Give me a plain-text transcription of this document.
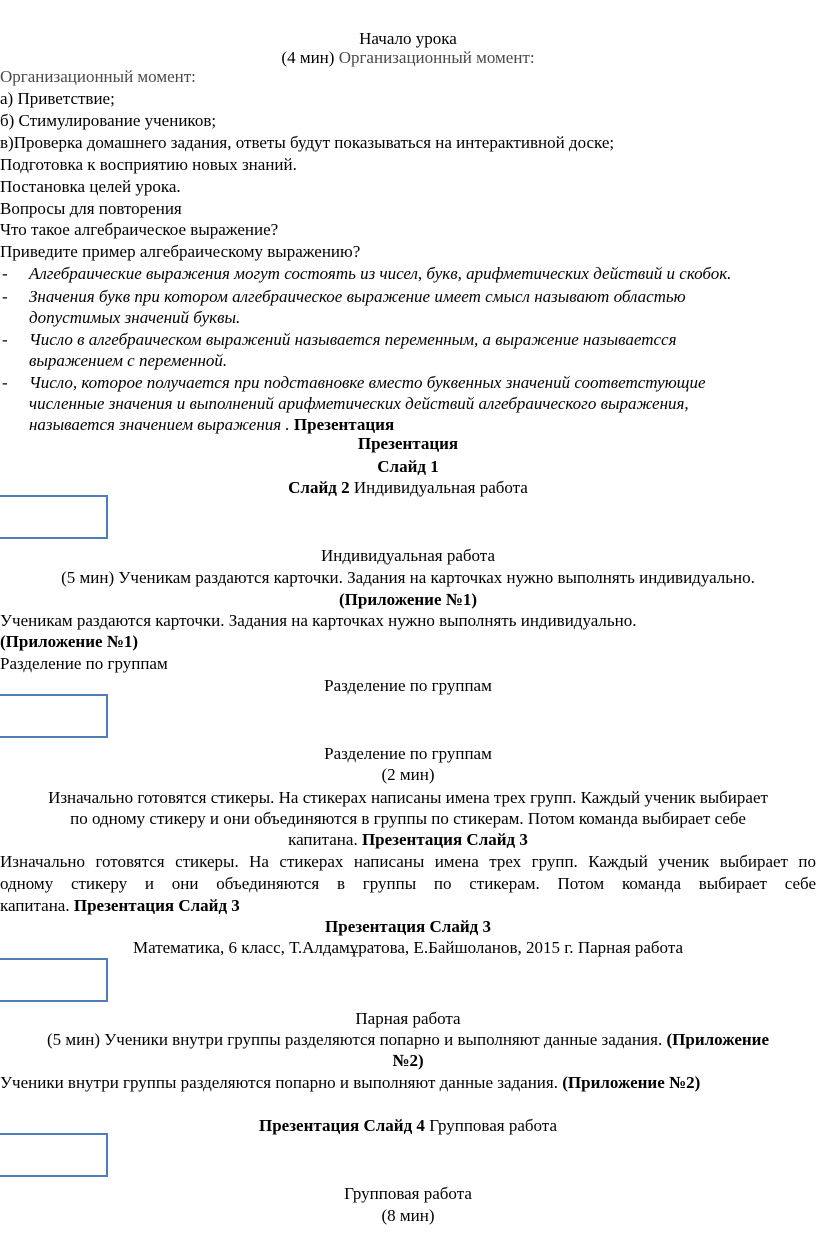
Начало урока
(4 мин) Организационный момент:
Организационный момент:
а) Приветствие;
б) Стимулирование учеников;
в)Проверка домашнего задания, ответы будут показываться на интерактивной доске;
Подготовка к восприятию новых знаний.
Постановка целей урока.
Вопросы для повторения
Что такое алгебраическое выражение?
Приведите пример алгебраическому выражению?
- Алгебраические выражения могут состоять из чисел, букв, арифметических действий и скобок.
- Значения букв при котором алгебраическое выражение имеет смысл называют областью
допустимых значений буквы.
- Число в алгебраическом выражений называется переменным, а выражение называетсся
выражением с переменной.
- Число, которое получается при подставновке вместо буквенных значений соответстующие
численные значения и выполнений арифметических действий алгебраического выражения,
называется значением выражения . Презентация
Презентация
Слайд 1
Слайд 2 Индивидуальная работа
Индивидуальная работа
(5 мин) Ученикам раздаются карточки. Задания на карточках нужно выполнять индивидуально.
(Приложение №1)
Ученикам раздаются карточки. Задания на карточках нужно выполнять индивидуально.
(Приложение №1)
Разделение по группам
Разделение по группам
Разделение по группам
(2 мин)
Изначально готовятся стикеры. На стикерах написаны имена трех групп. Каждый ученик выбирает
по одному стикеру и они объединяются в группы по стикерам. Потом команда выбирает себе
капитана. Презентация Слайд 3
Изначально готовятся стикеры. На стикерах написаны имена трех групп. Каждый ученик выбирает по
одному стикеру и они объединяются в группы по стикерам. Потом команда выбирает себе
капитана. Презентация Слайд 3
Презентация Слайд 3
Математика, 6 класс, Т.Алдамұратова, Е.Байшоланов, 2015 г. Парная работа
Парная работа
(5 мин) Ученики внутри группы разделяются попарно и выполняют данные задания. (Приложение
№2)
Ученики внутри группы разделяются попарно и выполняют данные задания. (Приложение №2)
Презентация Слайд 4 Групповая работа
Групповая работа
(8 мин)
